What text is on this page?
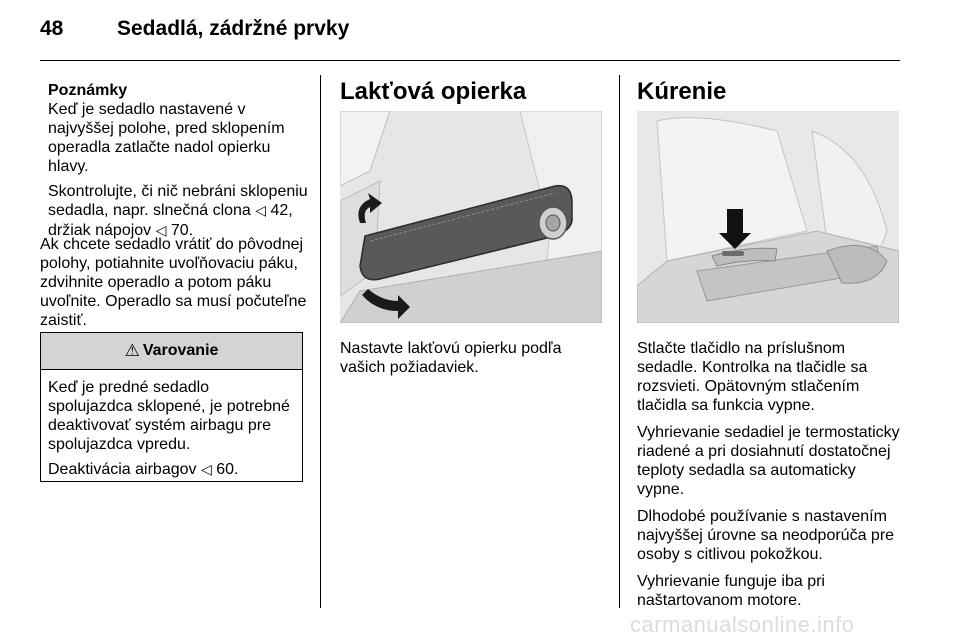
48	Sedadlá, zádržné prvky
Poznámky

Keď je sedadlo nastavené v najvyššej polohe, pred sklopením operadla zatlačte nadol opierku hlavy.

Skontrolujte, či nič nebráni sklopeniu sedadla, napr. slnečná clona ◁ 42, držiak nápojov ◁ 70.

Ak chcete sedadlo vrátiť do pôvodnej polohy, potiahnite uvoľňovaciu páku, zdvihnite operadlo a potom páku uvoľnite. Operadlo sa musí počuteľne zaistiť.
⚠ Varovanie

Keď je predné sedadlo spolujazdca sklopené, je potrebné deaktivovať systém airbagu pre spolujazdca vpredu.

Deaktivácia airbagov ◁ 60.

Lakťová opierka
Nastavte lakťovú opierku podľa vašich požiadaviek.
Kúrenie

Stlačte tlačidlo na príslušnom sedadle. Kontrolka na tlačidle sa rozsvieti. Opätovným stlačením tlačidla sa funkcia vypne.

Vyhrievanie sedadiel je termostaticky riadené a pri dosiahnutí dostatočnej teploty sedadla sa automaticky vypne.

Dlhodobé používanie s nastavením najvyššej úrovne sa neodporúča pre osoby s citlivou pokožkou.

Vyhrievanie funguje iba pri naštartovanom motore.

carmanualsonline.info
